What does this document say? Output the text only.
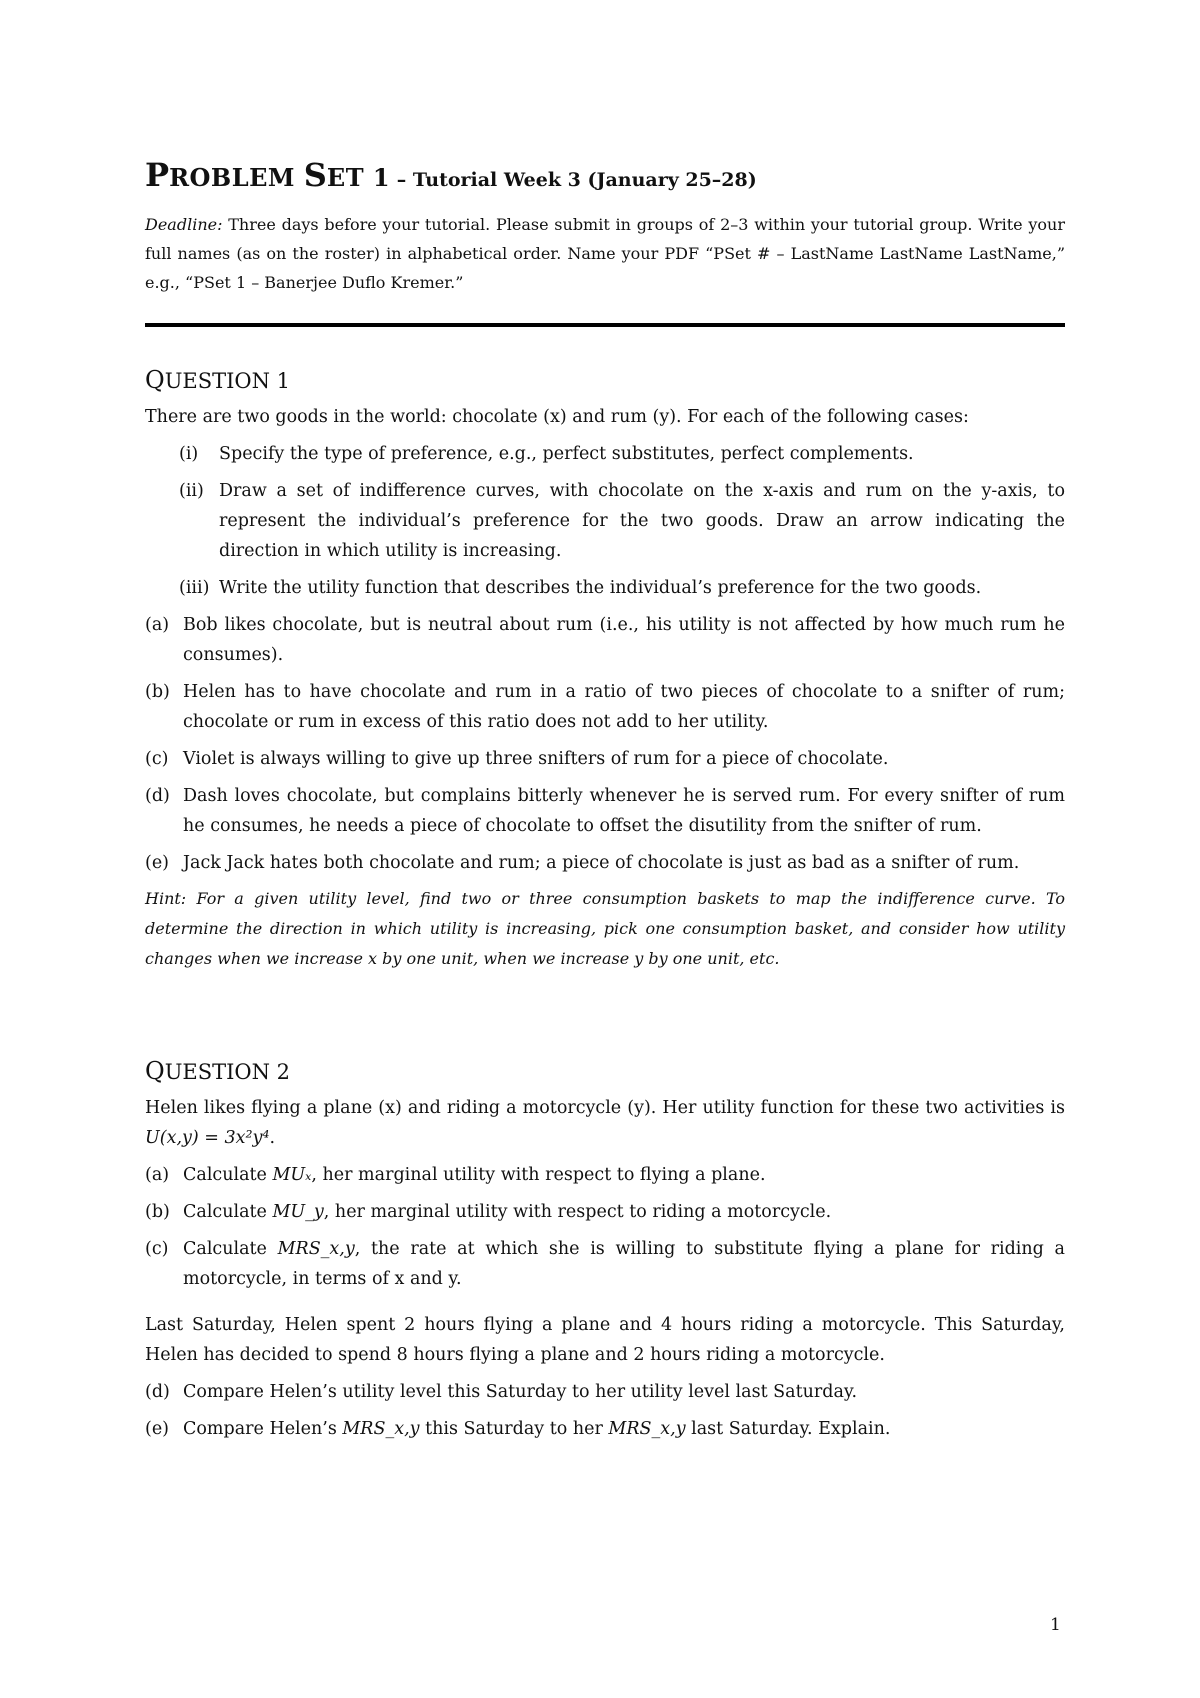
PROBLEM SET 1 – Tutorial Week 3 (January 25–28)
Deadline: Three days before your tutorial. Please submit in groups of 2–3 within your tutorial group. Write your full names (as on the roster) in alphabetical order. Name your PDF “PSet # – LastName LastName LastName,” e.g., “PSet 1 – Banerjee Duflo Kremer.”
QUESTION 1
There are two goods in the world: chocolate (x) and rum (y). For each of the following cases:
(i) Specify the type of preference, e.g., perfect substitutes, perfect complements.
(ii) Draw a set of indifference curves, with chocolate on the x-axis and rum on the y-axis, to represent the individual’s preference for the two goods. Draw an arrow indicating the direction in which utility is increasing.
(iii) Write the utility function that describes the individual’s preference for the two goods.
(a) Bob likes chocolate, but is neutral about rum (i.e., his utility is not affected by how much rum he consumes).
(b) Helen has to have chocolate and rum in a ratio of two pieces of chocolate to a snifter of rum; chocolate or rum in excess of this ratio does not add to her utility.
(c) Violet is always willing to give up three snifters of rum for a piece of chocolate.
(d) Dash loves chocolate, but complains bitterly whenever he is served rum. For every snifter of rum he consumes, he needs a piece of chocolate to offset the disutility from the snifter of rum.
(e) Jack Jack hates both chocolate and rum; a piece of chocolate is just as bad as a snifter of rum.
Hint: For a given utility level, find two or three consumption baskets to map the indifference curve. To determine the direction in which utility is increasing, pick one consumption basket, and consider how utility changes when we increase x by one unit, when we increase y by one unit, etc.
QUESTION 2
Helen likes flying a plane (x) and riding a motorcycle (y). Her utility function for these two activities is U(x,y) = 3x²y⁴.
(a) Calculate MUₓ, her marginal utility with respect to flying a plane.
(b) Calculate MU_y, her marginal utility with respect to riding a motorcycle.
(c) Calculate MRS_x,y, the rate at which she is willing to substitute flying a plane for riding a motorcycle, in terms of x and y.
Last Saturday, Helen spent 2 hours flying a plane and 4 hours riding a motorcycle. This Saturday, Helen has decided to spend 8 hours flying a plane and 2 hours riding a motorcycle.
(d) Compare Helen’s utility level this Saturday to her utility level last Saturday.
(e) Compare Helen’s MRS_x,y this Saturday to her MRS_x,y last Saturday. Explain.
1
